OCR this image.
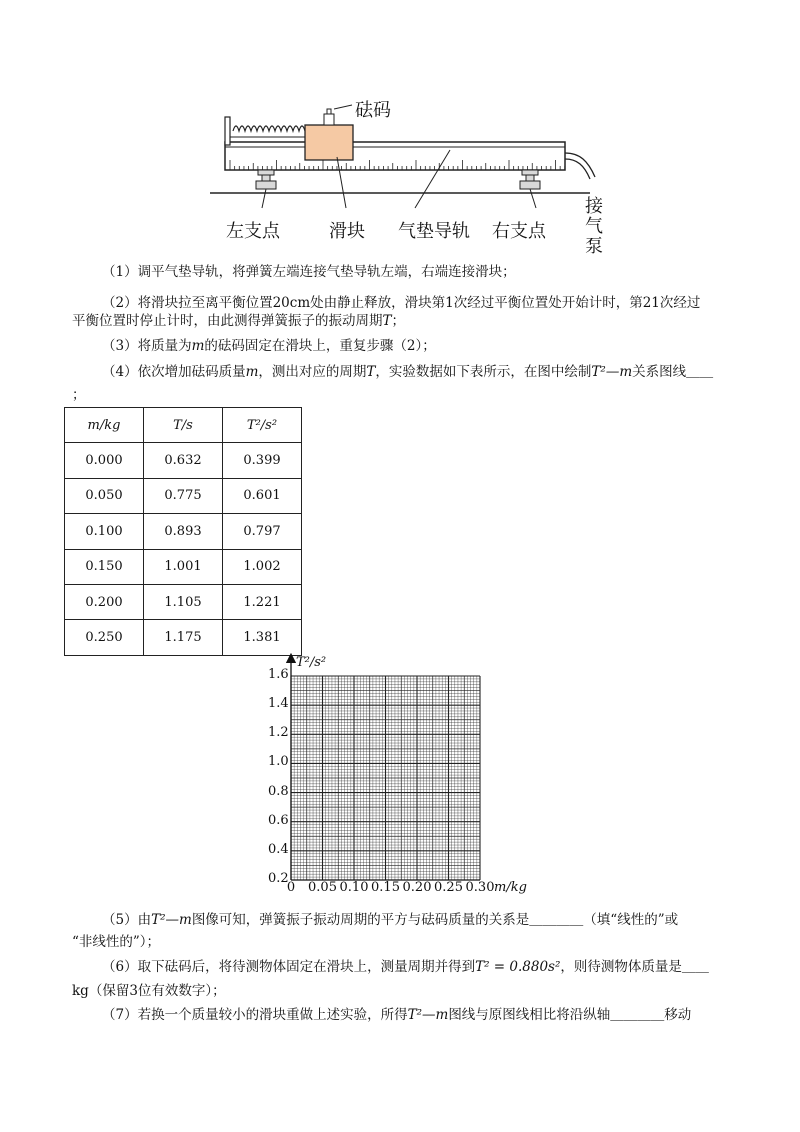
砝码
左支点	滑块 气垫导轨 右支点
接
气
泵
（1）调平气垫导轨，将弹簧左端连接气垫导轨左端，右端连接滑块；
（2）将滑块拉至离平衡位置20cm处由静止释放，滑块第1次经过平衡位置处开始计时，第21次经过
平衡位置时停止计时，由此测得弹簧振子的振动周期T；
（3）将质量为m的砝码固定在滑块上，重复步骤（2）；
（4）依次增加砝码质量m，测出对应的周期T，实验数据如下表所示，在图中绘制T²—m关系图线＿＿
；
m/kg	T/s	T²/s²
0.000	0.632	0.399
0.050	0.775	0.601
0.100	0.893	0.797
0.150	1.001	1.002
0.200	1.105	1.221
0.250	1.175	1.381
T²/s²
1.6
1.4
1.2
1.0
0.8
0.6
0.4
0.2
0 0.05 0.10 0.15 0.20 0.25 0.30 m/kg
（5）由T²—m图像可知，弹簧振子振动周期的平方与砝码质量的关系是＿＿＿＿（填“线性的”或
“非线性的”）；
（6）取下砝码后，将待测物体固定在滑块上，测量周期并得到T² = 0.880s²，则待测物体质量是＿＿
kg（保留3位有效数字）；
（7）若换一个质量较小的滑块重做上述实验，所得T²—m图线与原图线相比将沿纵轴＿＿＿＿移动
